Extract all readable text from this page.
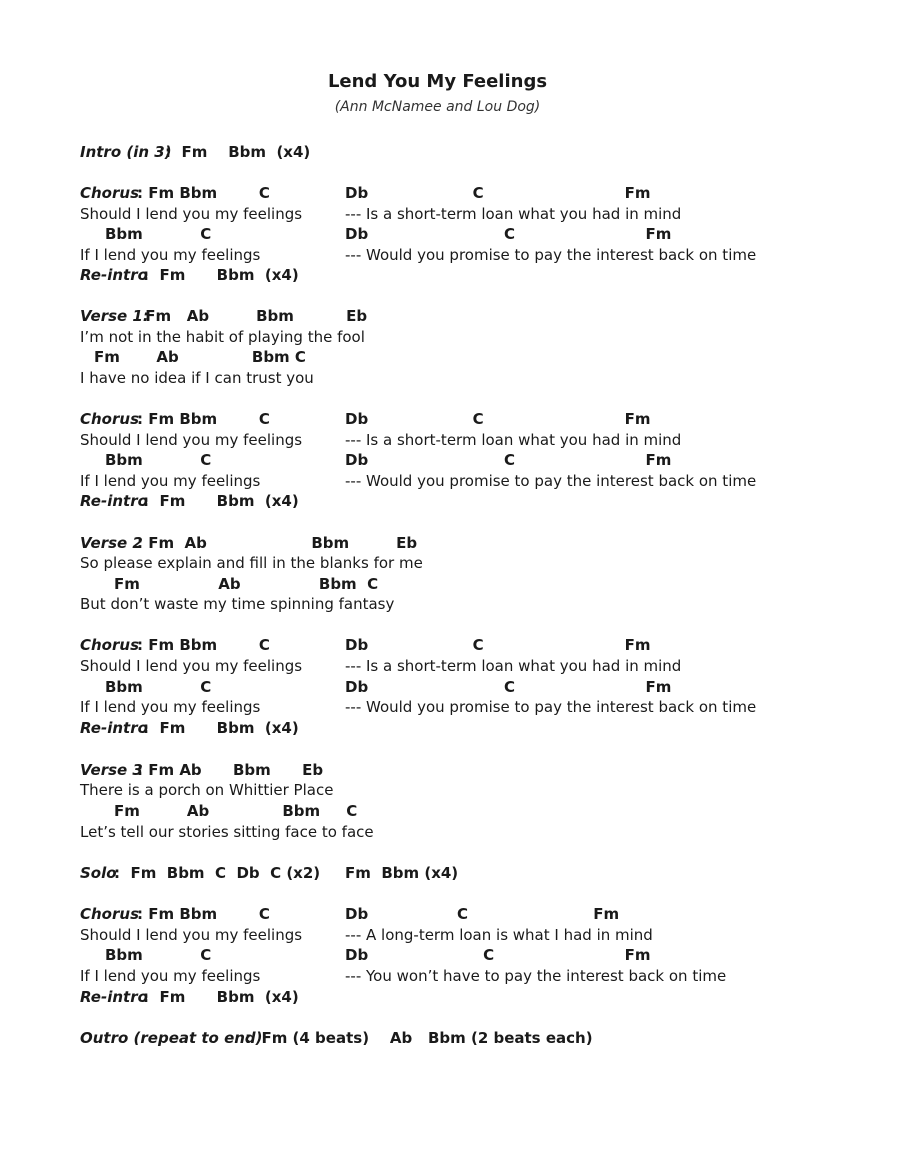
Lend You My Feelings
(Ann McNamee and Lou Dog)

Intro (in 3)

:  Fm    Bbm  (x4)

Chorus

: Fm Bbm        C

	Db                    C                           Fm

Should I lend you my feelings

	--- Is a short-term loan what you had in mind

Bbm           C

	Db                          C                         Fm

If I lend you my feelings

	--- Would you promise to pay the interest back on time

Re-intro

:  Fm      Bbm  (x4)

Verse 1:

Fm   Ab         Bbm          Eb

I’m not in the habit of playing the fool

Fm       Ab              Bbm C

I have no idea if I can trust you

Chorus

: Fm Bbm        C

	Db                    C                           Fm

Should I lend you my feelings

	--- Is a short-term loan what you had in mind

Bbm           C

	Db                          C                         Fm

If I lend you my feelings

	--- Would you promise to pay the interest back on time

Re-intro

:  Fm      Bbm  (x4)

Verse 2

: Fm  Ab                    Bbm         Eb

So please explain and fill in the blanks for me

Fm               Ab               Bbm  C

But don’t waste my time spinning fantasy

Chorus

: Fm Bbm        C

	Db                    C                           Fm

Should I lend you my feelings

	--- Is a short-term loan what you had in mind

Bbm           C

	Db                          C                         Fm

If I lend you my feelings

	--- Would you promise to pay the interest back on time

Re-intro

:  Fm      Bbm  (x4)

Verse 3

: Fm Ab      Bbm      Eb

There is a porch on Whittier Place

Fm         Ab              Bbm     C

Let’s tell our stories sitting face to face

Solo

:  Fm  Bbm  C  Db  C (x2)

Fm  Bbm (x4)

Chorus

: Fm Bbm        C

	Db                 C                        Fm

Should I lend you my feelings

	--- A long-term loan is what I had in mind

Bbm           C

	Db                      C                         Fm

If I lend you my feelings

	--- You won’t have to pay the interest back on time

Re-intro

:  Fm      Bbm  (x4)

Outro (repeat to end)

:  Fm (4 beats)    Ab   Bbm (2 beats each)
